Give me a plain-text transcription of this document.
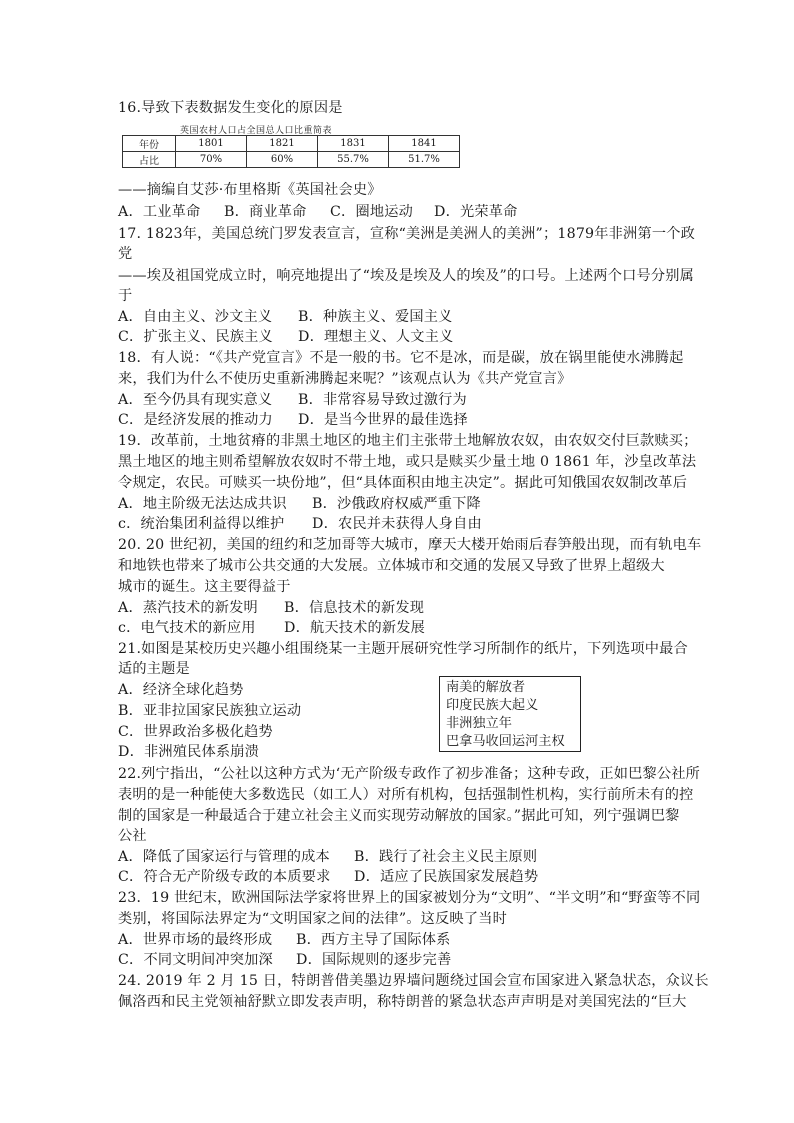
16.导致下表数据发生变化的原因是
英国农村人口占全国总人口比重简表
年份	1801	1821	1831	1841
占比	70%	60%	55.7%	51.7%
——摘编自艾莎·布里格斯《英国社会史》
A．工业革命 B．商业革命 C．圈地运动 D．光荣革命
17. 1823年，美国总统门罗发表宣言，宣称“美洲是美洲人的美洲”；1879年非洲第一个政
党
——埃及祖国党成立时，响亮地提出了“埃及是埃及人的埃及”的口号。上述两个口号分别属
于
A．自由主义、沙文主义 B．种族主义、爱国主义
C．扩张主义、民族主义 D．理想主义、人文主义
18．有人说：“《共产党宣言》不是一般的书。它不是冰，而是碳，放在锅里能使水沸腾起
来，我们为什么不使历史重新沸腾起来呢？”该观点认为《共产党宣言》
A．至今仍具有现实意义 B．非常容易导致过激行为
C．是经济发展的推动力 D．是当今世界的最佳选择
19．改革前，土地贫瘠的非黑土地区的地主们主张带土地解放农奴，由农奴交付巨款赎买；
黑土地区的地主则希望解放农奴时不带土地，或只是赎买少量土地 0 1861 年，沙皇改革法
令规定，农民。可赎买一块份地”，但“具体面积由地主决定”。据此可知俄国农奴制改革后
A．地主阶级无法达成共识 B．沙俄政府权威严重下降
c．统治集团利益得以维护 D．农民并未获得人身自由
20. 20 世纪初，美国的纽约和芝加哥等大城市，摩天大楼开始雨后春笋般出现，而有轨电车
和地铁也带来了城市公共交通的大发展。立体城市和交通的发展又导致了世界上超级大
城市的诞生。这主要得益于
A．蒸汽技术的新发明 B．信息技术的新发现
c．电气技术的新应用 D．航天技术的新发展
21.如图是某校历史兴趣小组围绕某一主题开展研究性学习所制作的纸片，下列选项中最合
适的主题是
A．经济全球化趋势
B．亚非拉国家民族独立运动
C．世界政治多极化趋势
D．非洲殖民体系崩溃
南美的解放者
印度民族大起义
非洲独立年
巴拿马收回运河主权
22.列宁指出，“公社以这种方式为‘无产阶级专政作了初步准备；这种专政，正如巴黎公社所
表明的是一种能使大多数选民（如工人）对所有机构，包括强制性机构，实行前所未有的控
制的国家是一种最适合于建立社会主义而实现劳动解放的国家。”据此可知，列宁强调巴黎
公社
A．降低了国家运行与管理的成本 B．践行了社会主义民主原则
C．符合无产阶级专政的本质要求 D．适应了民族国家发展趋势
23．19 世纪末，欧洲国际法学家将世界上的国家被划分为“文明”、“半文明”和“野蛮等不同
类别，将国际法界定为“文明国家之间的法律”。这反映了当时
A．世界市场的最终形成 B．西方主导了国际体系
C．不同文明间冲突加深 D．国际规则的逐步完善
24. 2019 年 2 月 15 日，特朗普借美墨边界墙问题绕过国会宣布国家进入紧急状态，众议长
佩洛西和民主党领袖舒默立即发表声明，称特朗普的紧急状态声声明是对美国宪法的“巨大
